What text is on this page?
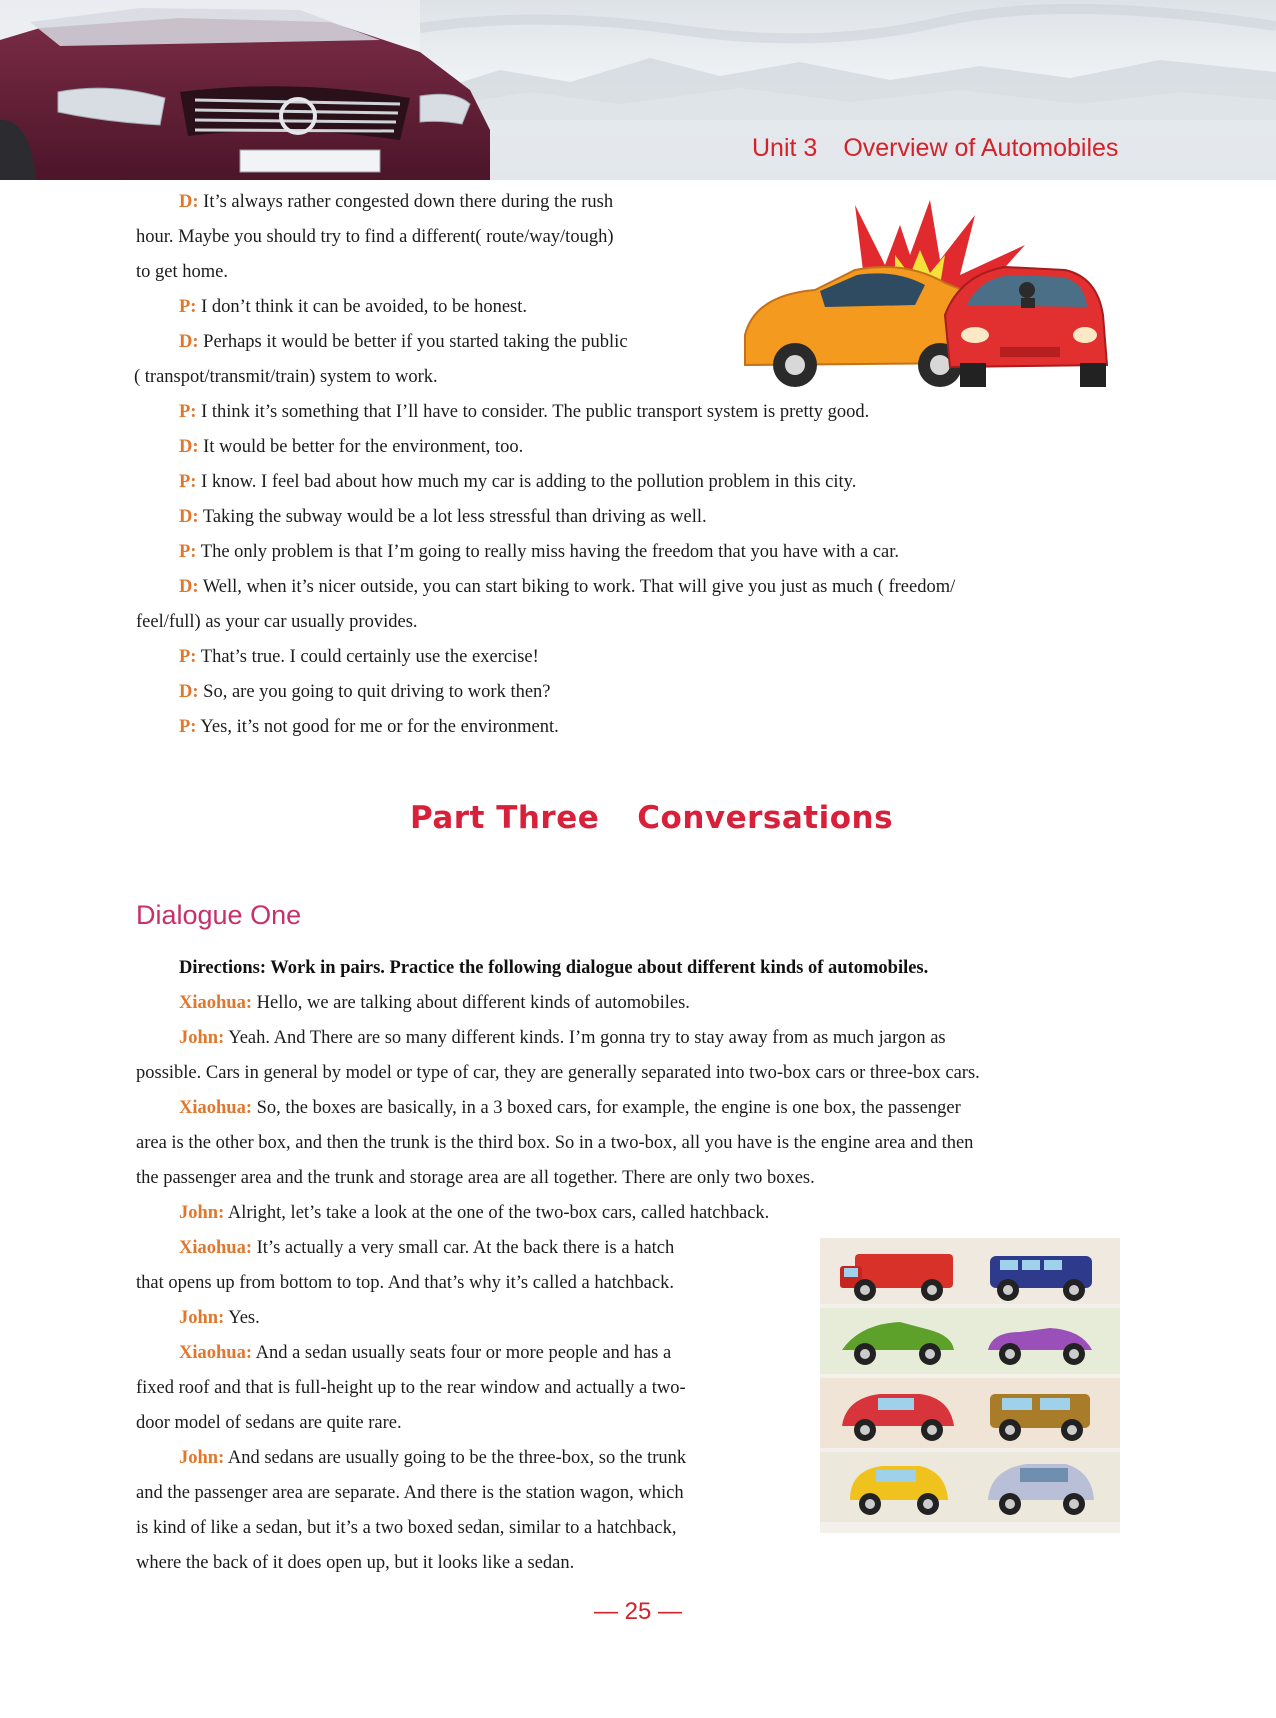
Unit 3 Overview of Automobiles
D: It’s always rather congested down there during the rush
hour. Maybe you should try to find a different( route/way/tough)
to get home.
P: I don’t think it can be avoided, to be honest.
D: Perhaps it would be better if you started taking the public
( transpot/transmit/train) system to work.
P: I think it’s something that I’ll have to consider. The public transport system is pretty good.
D: It would be better for the environment, too.
P: I know. I feel bad about how much my car is adding to the pollution problem in this city.
D: Taking the subway would be a lot less stressful than driving as well.
P: The only problem is that I’m going to really miss having the freedom that you have with a car.
D: Well, when it’s nicer outside, you can start biking to work. That will give you just as much ( freedom/
feel/full) as your car usually provides.
P: That’s true. I could certainly use the exercise!
D: So, are you going to quit driving to work then?
P: Yes, it’s not good for me or for the environment.
Part Three Conversations
Dialogue One
Directions: Work in pairs. Practice the following dialogue about different kinds of automobiles.
Xiaohua: Hello, we are talking about different kinds of automobiles.
John: Yeah. And There are so many different kinds. I’m gonna try to stay away from as much jargon as
possible. Cars in general by model or type of car, they are generally separated into two-box cars or three-box cars.
Xiaohua: So, the boxes are basically, in a 3 boxed cars, for example, the engine is one box, the passenger
area is the other box, and then the trunk is the third box. So in a two-box, all you have is the engine area and then
the passenger area and the trunk and storage area are all together. There are only two boxes.
John: Alright, let’s take a look at the one of the two-box cars, called hatchback.
Xiaohua: It’s actually a very small car. At the back there is a hatch
that opens up from bottom to top. And that’s why it’s called a hatchback.
John: Yes.
Xiaohua: And a sedan usually seats four or more people and has a
fixed roof and that is full-height up to the rear window and actually a two-
door model of sedans are quite rare.
John: And sedans are usually going to be the three-box, so the trunk
and the passenger area are separate. And there is the station wagon, which
is kind of like a sedan, but it’s a two boxed sedan, similar to a hatchback,
where the back of it does open up, but it looks like a sedan.
— 25 —
